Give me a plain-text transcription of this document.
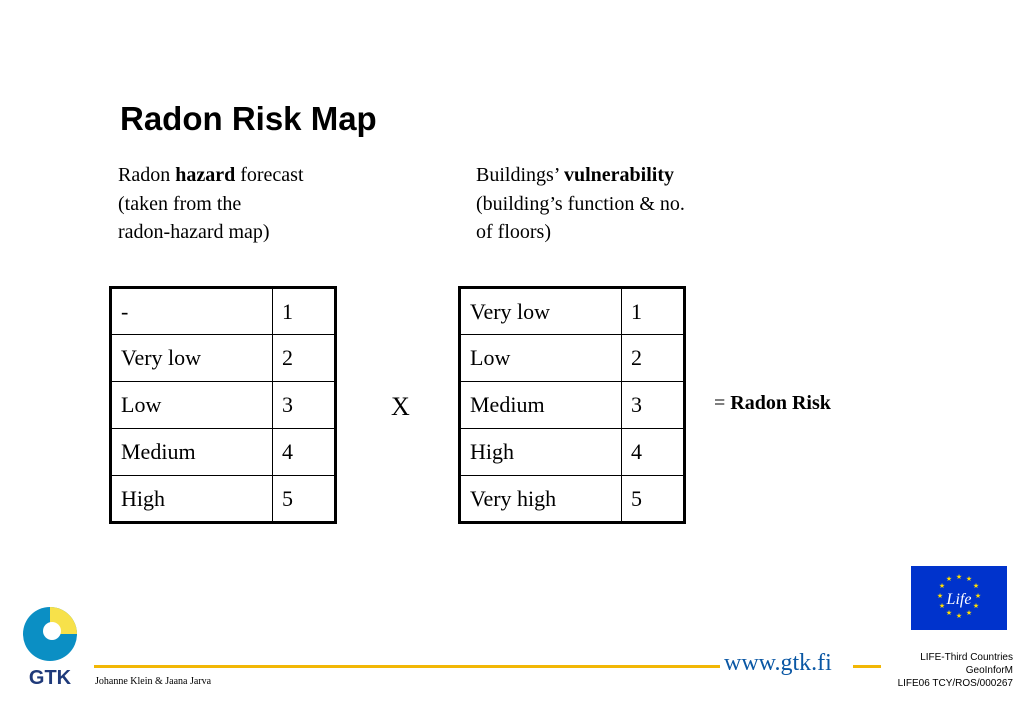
Radon Risk Map

Radon hazard forecast
(taken from the
radon-hazard map)

Buildings’ vulnerability
(building’s function & no.
of floors)

-	1
Very low	2
Low	3
Medium	4
High	5
X
Very low	1
Low	2
Medium	3
High	4
Very high	5
= Radon Risk
★ ★
★
★
★
★
★
★
★
★
★
★
Life
GTK
www.gtk.fi
Johanne Klein & Jaana Jarva
LIFE-Third Countries
GeoInforM
LIFE06 TCY/ROS/000267
